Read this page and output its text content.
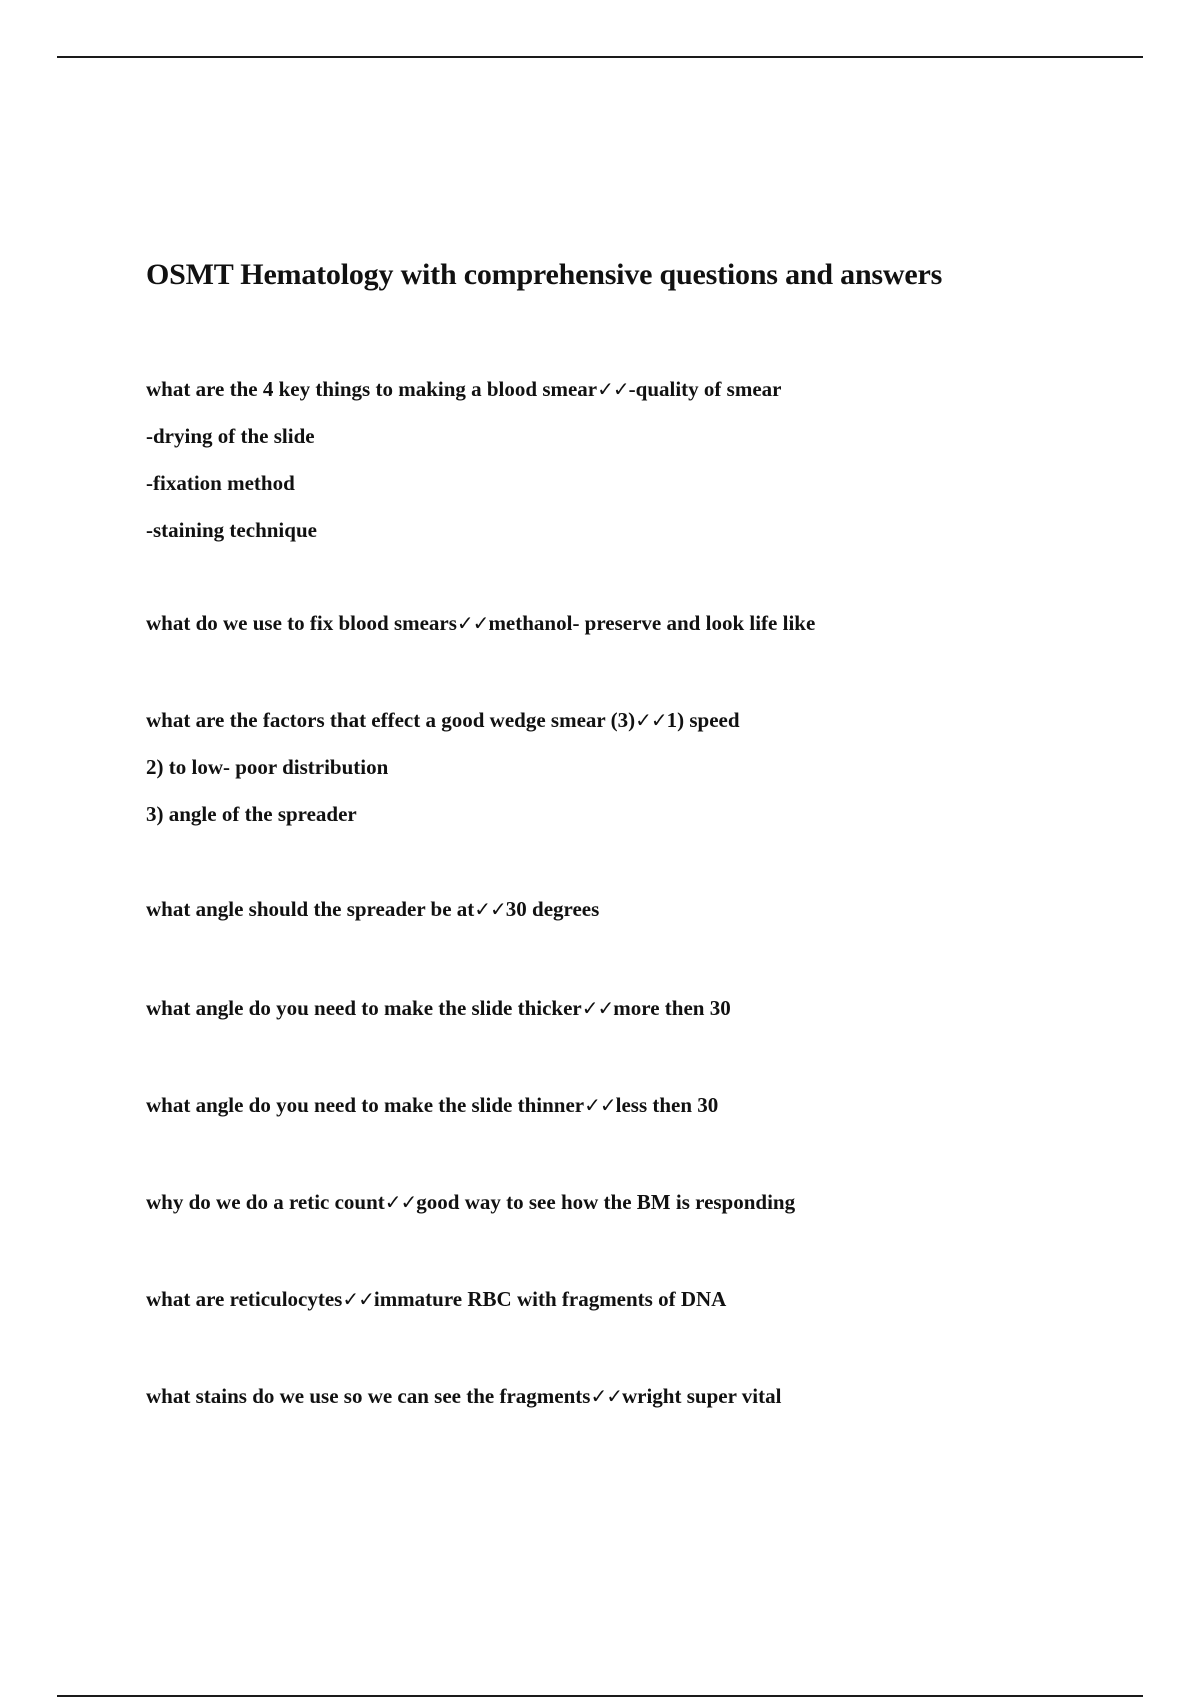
OSMT Hematology with comprehensive questions and answers
what are the 4 key things to making a blood smear✓✓-quality of smear
-drying of the slide
-fixation method
-staining technique
what do we use to fix blood smears✓✓methanol- preserve and look life like
what are the factors that effect a good wedge smear (3)✓✓1) speed
2) to low- poor distribution
3) angle of the spreader
what angle should the spreader be at✓✓30 degrees
what angle do you need to make the slide thicker✓✓more then 30
what angle do you need to make the slide thinner✓✓less then 30
why do we do a retic count✓✓good way to see how the BM is responding
what are reticulocytes✓✓immature RBC with fragments of DNA
what stains do we use so we can see the fragments✓✓wright super vital
